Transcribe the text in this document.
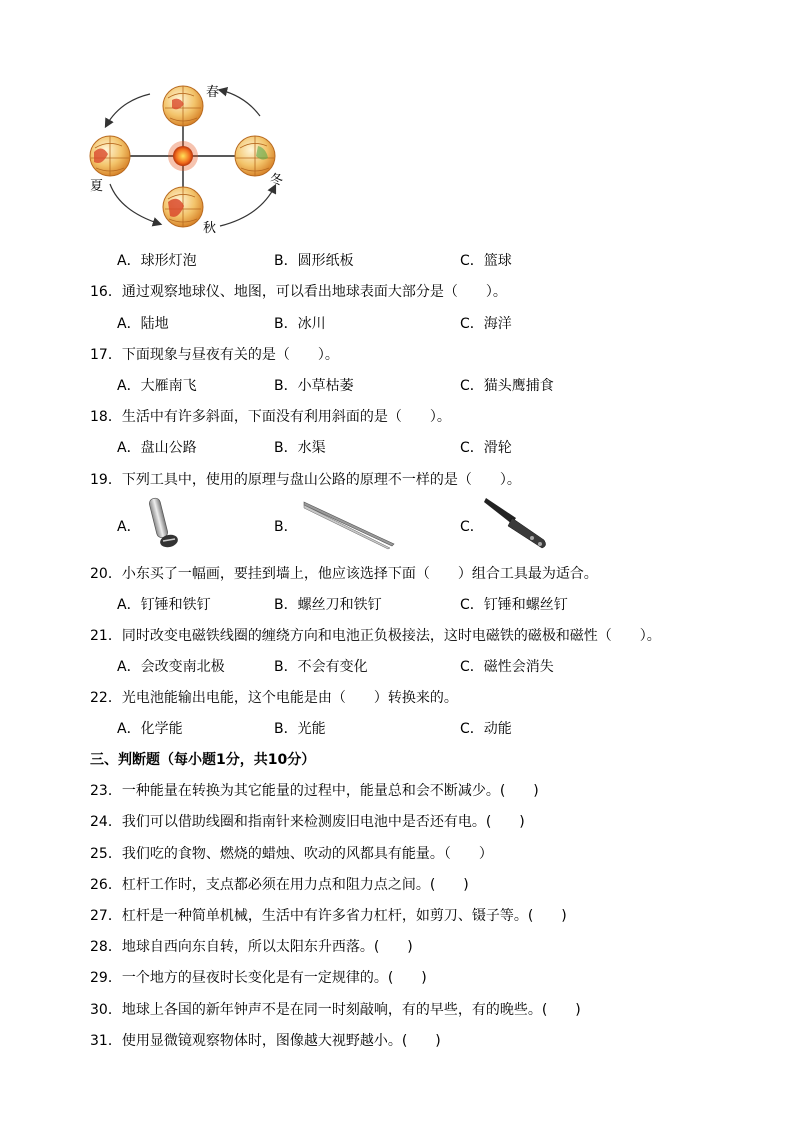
春
夏	冬
秋
A．球形灯泡	B．圆形纸板	C．篮球
16．通过观察地球仪、地图，可以看出地球表面大部分是（　　）。
A．陆地	B．冰川	C．海洋
17．下面现象与昼夜有关的是（　　）。
A．大雁南飞	B．小草枯萎	C．猫头鹰捕食
18．生活中有许多斜面，下面没有利用斜面的是（　　）。
A．盘山公路	B．水渠	C．滑轮
19．下列工具中，使用的原理与盘山公路的原理不一样的是（　　）。
A．	B．	C．
20．小东买了一幅画，要挂到墙上，他应该选择下面（　　）组合工具最为适合。
A．钉锤和铁钉	B．螺丝刀和铁钉	C．钉锤和螺丝钉
21．同时改变电磁铁线圈的缠绕方向和电池正负极接法，这时电磁铁的磁极和磁性（　　）。
A．会改变南北极	B．不会有变化	C．磁性会消失
22．光电池能输出电能，这个电能是由（　　）转换来的。
A．化学能	B．光能	C．动能
三、判断题（每小题1分，共10分）
23．一种能量在转换为其它能量的过程中，能量总和会不断减少。(　　)
24．我们可以借助线圈和指南针来检测废旧电池中是否还有电。(　　)
25．我们吃的食物、燃烧的蜡烛、吹动的风都具有能量。（　　）
26．杠杆工作时，支点都必须在用力点和阻力点之间。(　　)
27．杠杆是一种简单机械，生活中有许多省力杠杆，如剪刀、镊子等。(　　)
28．地球自西向东自转，所以太阳东升西落。(　　)
29．一个地方的昼夜时长变化是有一定规律的。(　　)
30．地球上各国的新年钟声不是在同一时刻敲响，有的早些，有的晚些。(　　)
31．使用显微镜观察物体时，图像越大视野越小。(　　)
